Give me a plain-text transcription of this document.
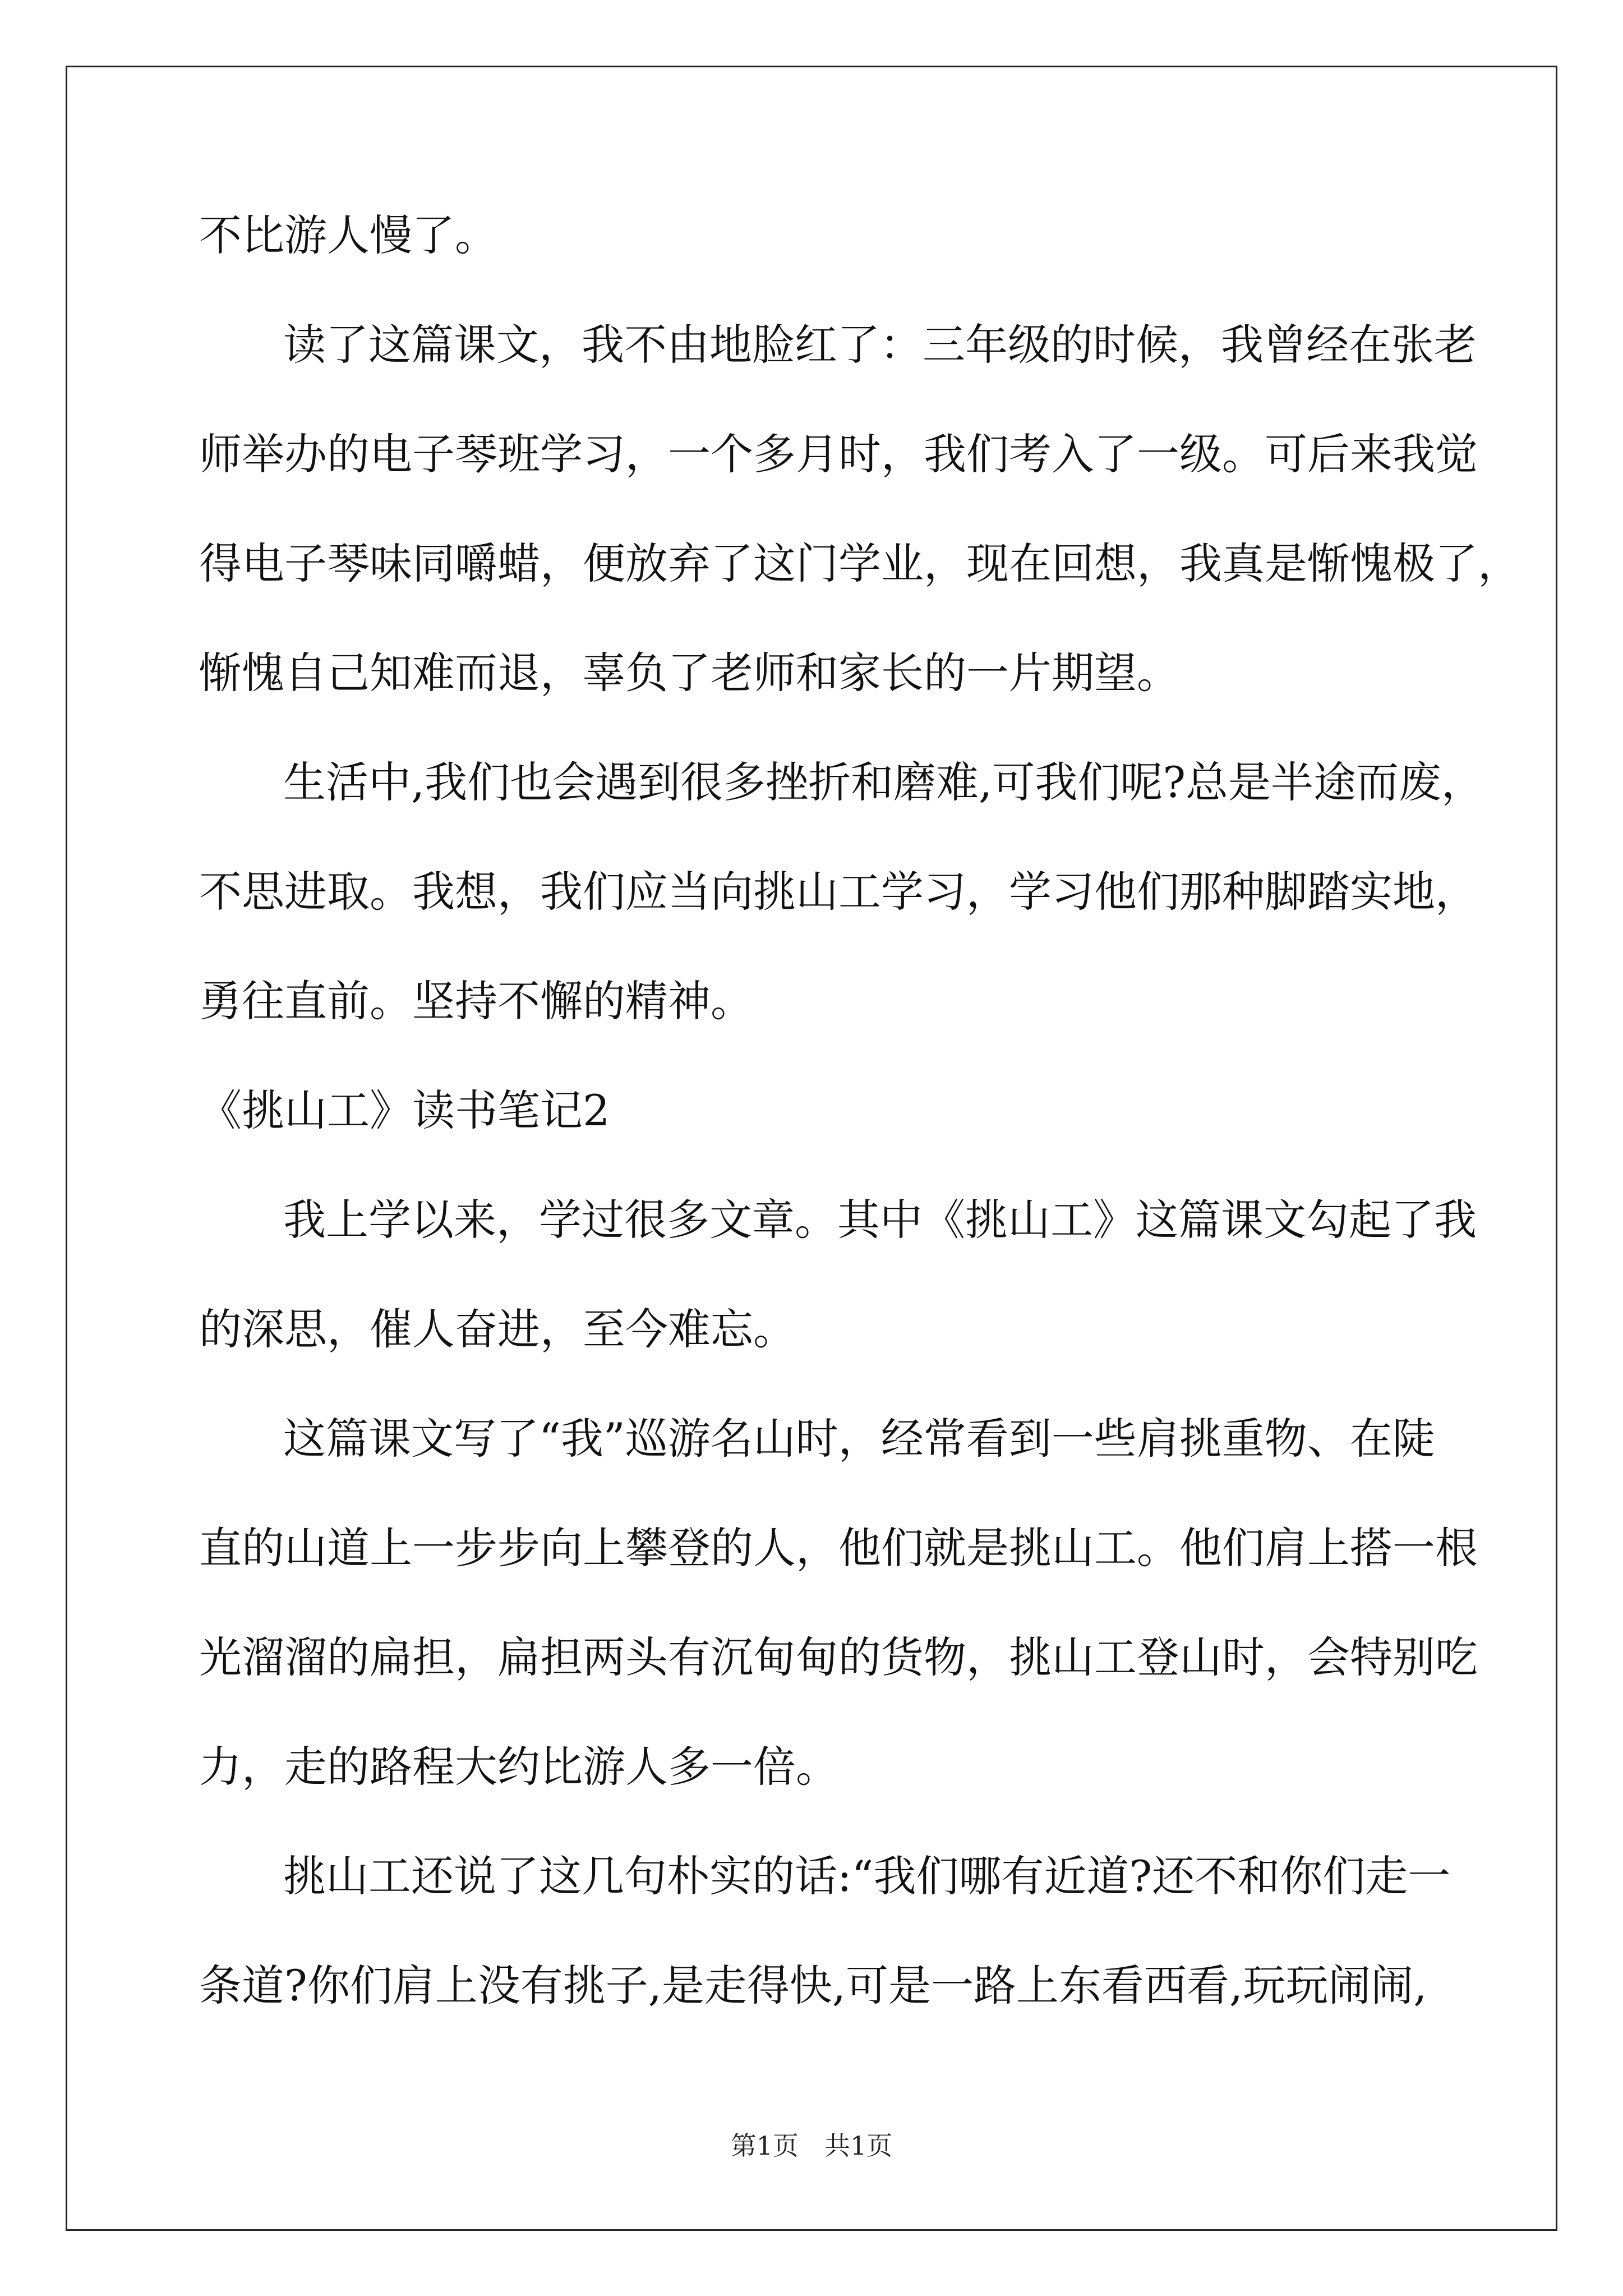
不比游人慢了。
读了这篇课文，我不由地脸红了：三年级的时候，我曾经在张老
师举办的电子琴班学习，一个多月时，我们考入了一级。可后来我觉
得电子琴味同嚼蜡，便放弃了这门学业，现在回想，我真是惭愧极了，
惭愧自己知难而退，辜负了老师和家长的一片期望。
生活中,我们也会遇到很多挫折和磨难,可我们呢?总是半途而废，
不思进取。我想，我们应当向挑山工学习，学习他们那种脚踏实地，
勇往直前。坚持不懈的精神。
《挑山工》读书笔记2
我上学以来，学过很多文章。其中《挑山工》这篇课文勾起了我
的深思，催人奋进，至今难忘。
这篇课文写了“我”巡游名山时，经常看到一些肩挑重物、在陡
直的山道上一步步向上攀登的人，他们就是挑山工。他们肩上搭一根
光溜溜的扁担，扁担两头有沉甸甸的货物，挑山工登山时，会特别吃
力，走的路程大约比游人多一倍。
挑山工还说了这几句朴实的话:“我们哪有近道?还不和你们走一
条道?你们肩上没有挑子,是走得快,可是一路上东看西看,玩玩闹闹,
第1页　共1页
